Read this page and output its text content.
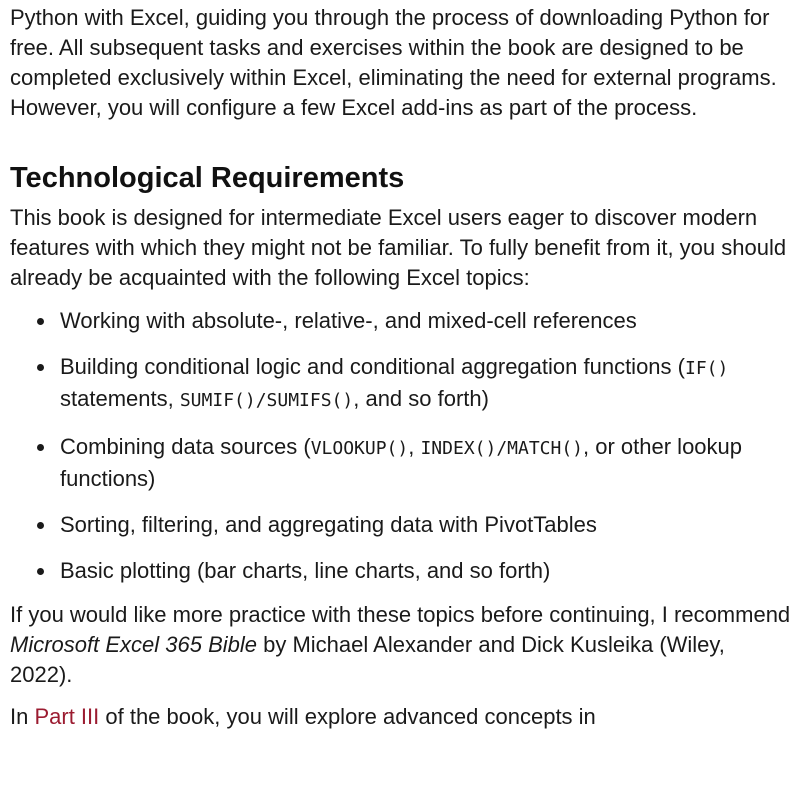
Python with Excel, guiding you through the process of downloading Python for free. All subsequent tasks and exercises within the book are designed to be completed exclusively within Excel, eliminating the need for external programs. However, you will configure a few Excel add-ins as part of the process.

Technological Requirements

This book is designed for intermediate Excel users eager to discover modern features with which they might not be familiar. To fully benefit from it, you should already be acquainted with the following Excel topics:

Working with absolute-, relative-, and mixed-cell references
Building conditional logic and conditional aggregation functions (IF() statements, SUMIF()/SUMIFS(), and so forth)
Combining data sources (VLOOKUP(), INDEX()/MATCH(), or other lookup functions)
Sorting, filtering, and aggregating data with PivotTables
Basic plotting (bar charts, line charts, and so forth)

If you would like more practice with these topics before continuing, I recommend Microsoft Excel 365 Bible by Michael Alexander and Dick Kusleika (Wiley, 2022).

In Part III of the book, you will explore advanced concepts in
